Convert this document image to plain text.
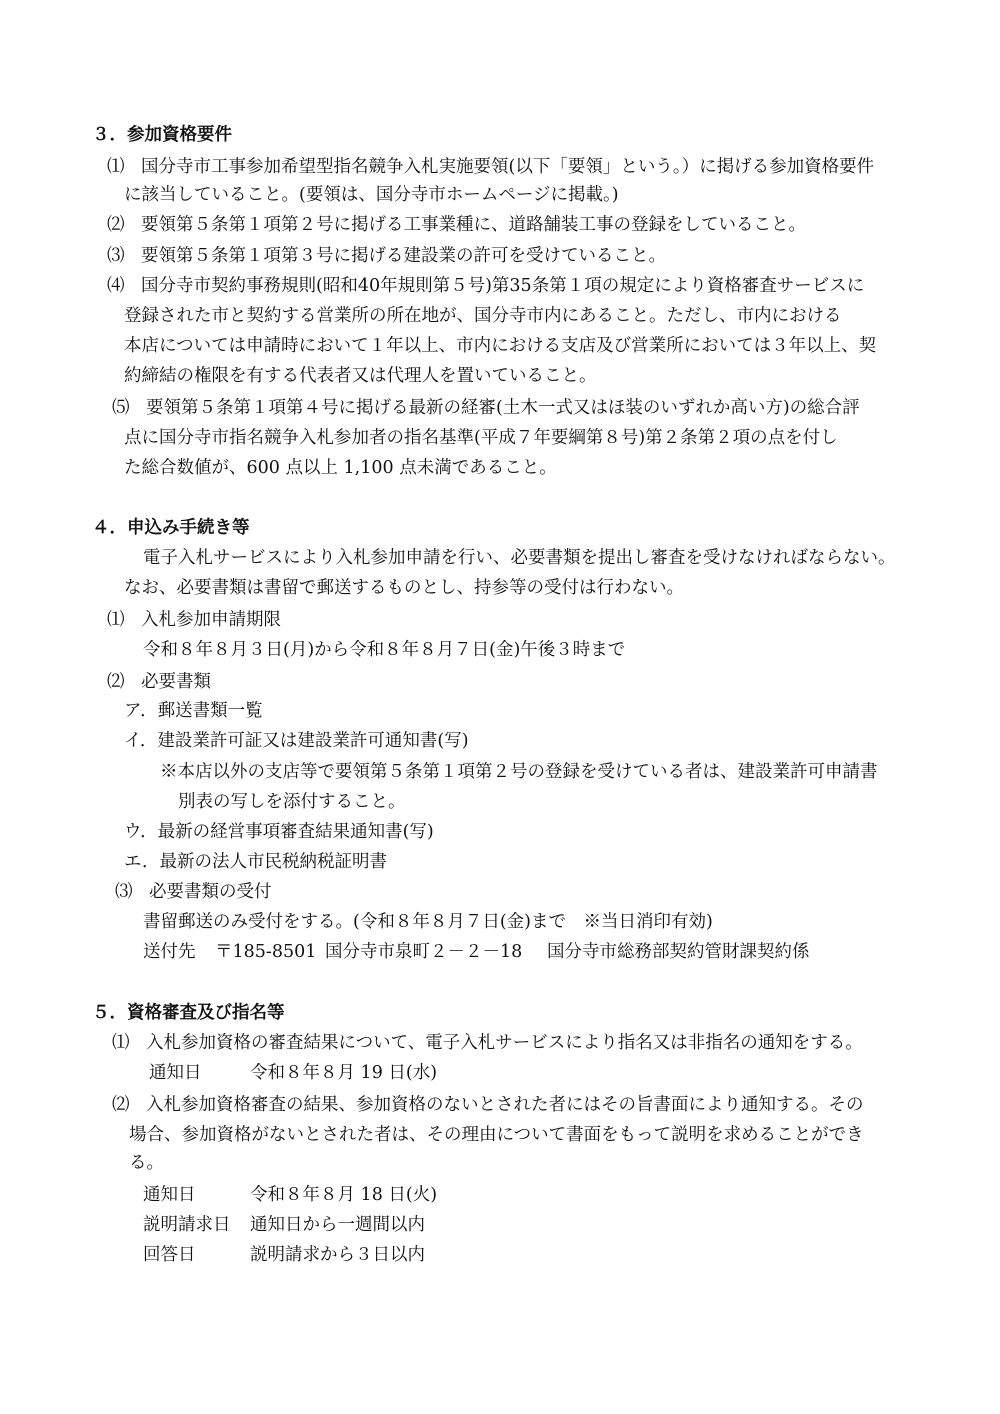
３．参加資格要件
⑴ 国分寺市工事参加希望型指名競争入札実施要領(以下「要領」という。）に掲げる参加資格要件
に該当していること。(要領は、国分寺市ホームページに掲載。)
⑵ 要領第５条第１項第２号に掲げる工事業種に、道路舗装工事の登録をしていること。
⑶ 要領第５条第１項第３号に掲げる建設業の許可を受けていること。
⑷ 国分寺市契約事務規則(昭和40年規則第５号)第35条第１項の規定により資格審査サービスに
登録された市と契約する営業所の所在地が、国分寺市内にあること。ただし、市内における
本店については申請時において１年以上、市内における支店及び営業所においては３年以上、契
約締結の権限を有する代表者又は代理人を置いていること。
⑸ 要領第５条第１項第４号に掲げる最新の経審(土木一式又はほ装のいずれか高い方)の総合評
点に国分寺市指名競争入札参加者の指名基準(平成７年要綱第８号)第２条第２項の点を付し
た総合数値が、600 点以上 1,100 点未満であること。
４．申込み手続き等
電子入札サービスにより入札参加申請を行い、必要書類を提出し審査を受けなければならない。
なお、必要書類は書留で郵送するものとし、持参等の受付は行わない。
⑴ 入札参加申請期限
令和８年８月３日(月)から令和８年８月７日(金)午後３時まで
⑵ 必要書類
ア．郵送書類一覧
イ．建設業許可証又は建設業許可通知書(写)
※本店以外の支店等で要領第５条第１項第２号の登録を受けている者は、建設業許可申請書
別表の写しを添付すること。
ウ．最新の経営事項審査結果通知書(写)
エ．最新の法人市民税納税証明書
⑶ 必要書類の受付
書留郵送のみ受付をする。(令和８年８月７日(金)まで　※当日消印有効)
送付先 〒185-8501 国分寺市泉町２－２－18 国分寺市総務部契約管財課契約係
５．資格審査及び指名等
⑴ 入札参加資格の審査結果について、電子入札サービスにより指名又は非指名の通知をする。
通知日	令和８年８月 19 日(水)
⑵ 入札参加資格審査の結果、参加資格のないとされた者にはその旨書面により通知する。その
場合、参加資格がないとされた者は、その理由について書面をもって説明を求めることができ
る。
通知日	令和８年８月 18 日(火)
説明請求日 通知日から一週間以内
回答日	説明請求から３日以内
